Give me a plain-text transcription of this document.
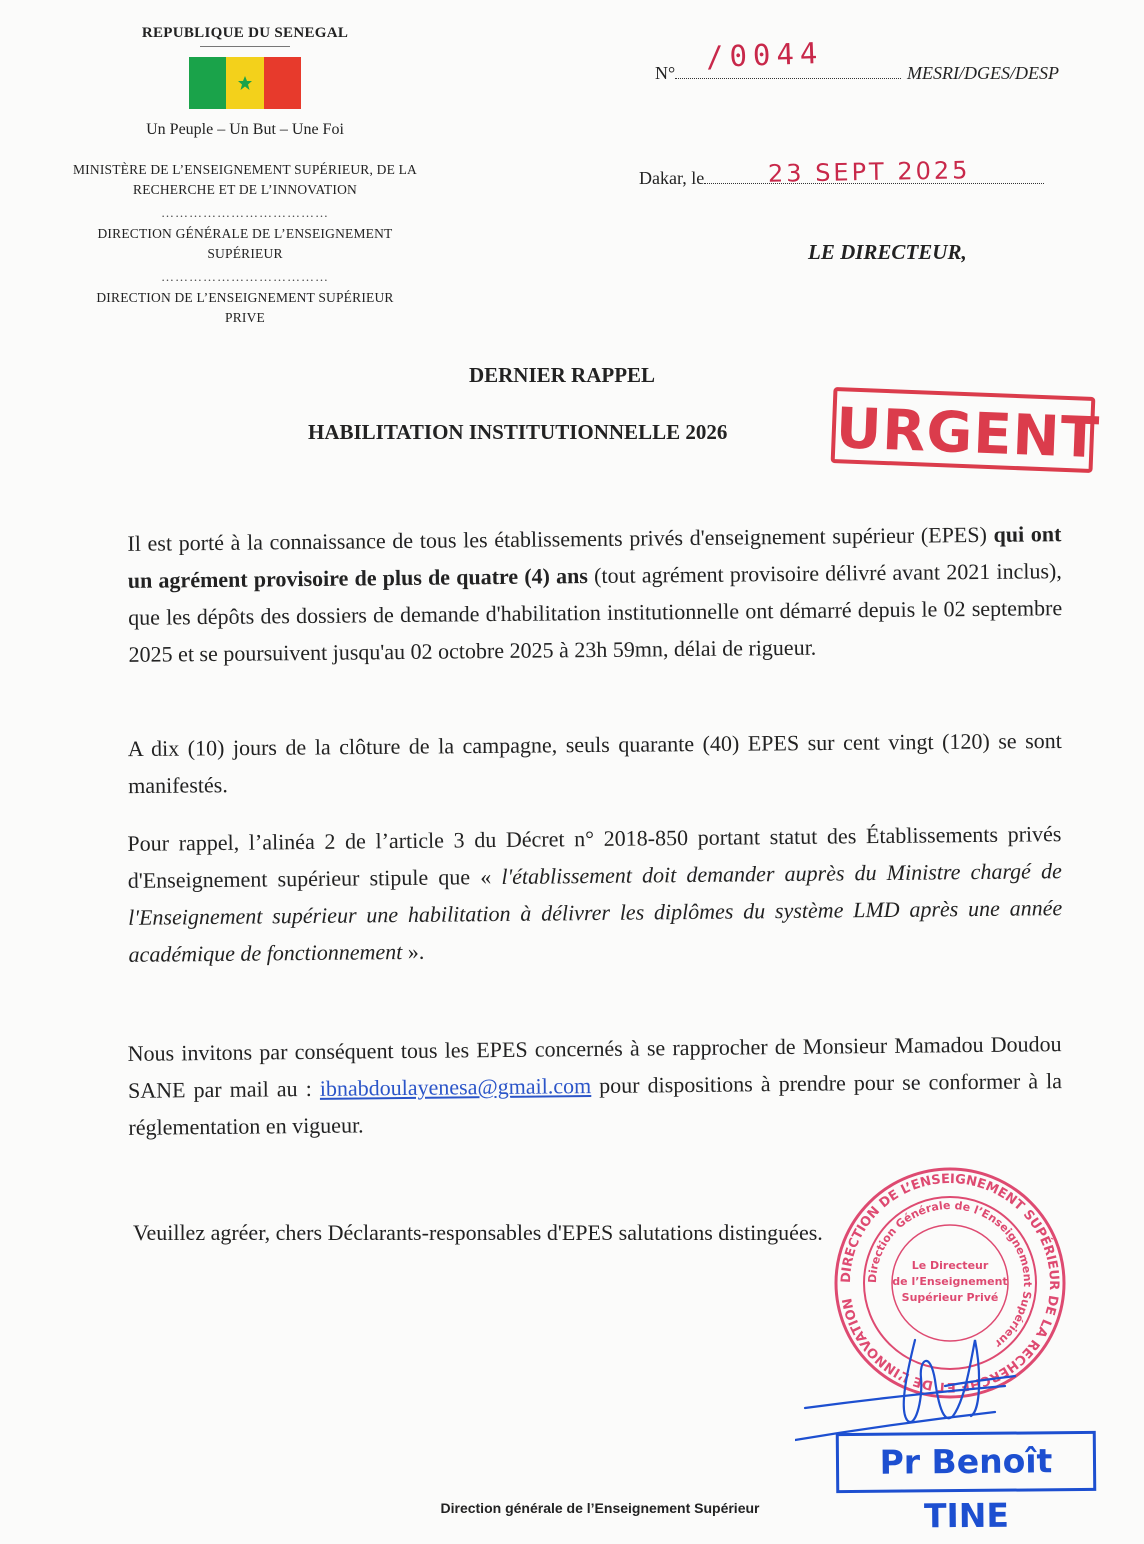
REPUBLIQUE DU SENEGAL
Un Peuple – Un But – Une Foi
MINISTÈRE DE L’ENSEIGNEMENT SUPÉRIEUR, DE LA
RECHERCHE ET DE L’INNOVATION
………………………………
DIRECTION GÉNÉRALE DE L’ENSEIGNEMENT
SUPÉRIEUR
………………………………
DIRECTION DE L’ENSEIGNEMENT SUPÉRIEUR
PRIVE
N°	/0044	MESRI/DGES/DESP
Dakar, le	23 SEPT 2025
LE DIRECTEUR,
DERNIER RAPPEL
HABILITATION INSTITUTIONNELLE 2026 URGENT
Il est porté à la connaissance de tous les établissements privés d'enseignement supérieur (EPES) qui ont un agrément provisoire de plus de quatre (4) ans (tout agrément provisoire délivré avant 2021 inclus), que les dépôts des dossiers de demande d'habilitation institutionnelle ont démarré depuis le 02 septembre 2025 et se poursuivent jusqu'au 02 octobre 2025 à 23h 59mn, délai de rigueur.
A dix (10) jours de la clôture de la campagne, seuls quarante (40) EPES sur cent vingt (120) se sont manifestés.
Pour rappel, l’alinéa 2 de l’article 3 du Décret n° 2018-850 portant statut des Établissements privés d'Enseignement supérieur stipule que « l'établissement doit demander auprès du Ministre chargé de l'Enseignement supérieur une habilitation à délivrer les diplômes du système LMD après une année académique de fonctionnement ».
Nous invitons par conséquent tous les EPES concernés à se rapprocher de Monsieur Mamadou Doudou SANE par mail au : ibnabdoulayenesa@gmail.com pour dispositions à prendre pour se conformer à la réglementation en vigueur.
Veuillez agréer, chers Déclarants-responsables d'EPES salutations distinguées.
DIRECTION DE L’ENSEIGNEMENT SUPÉRIEUR DE LA RECHERCHE ET DE L’INNOVATION
Direction Générale de l’Enseignement Supérieur
Le Directeur
de l’Enseignement
Supérieur Privé
Pr Benoît TINE
Direction générale de l’Enseignement Supérieur
